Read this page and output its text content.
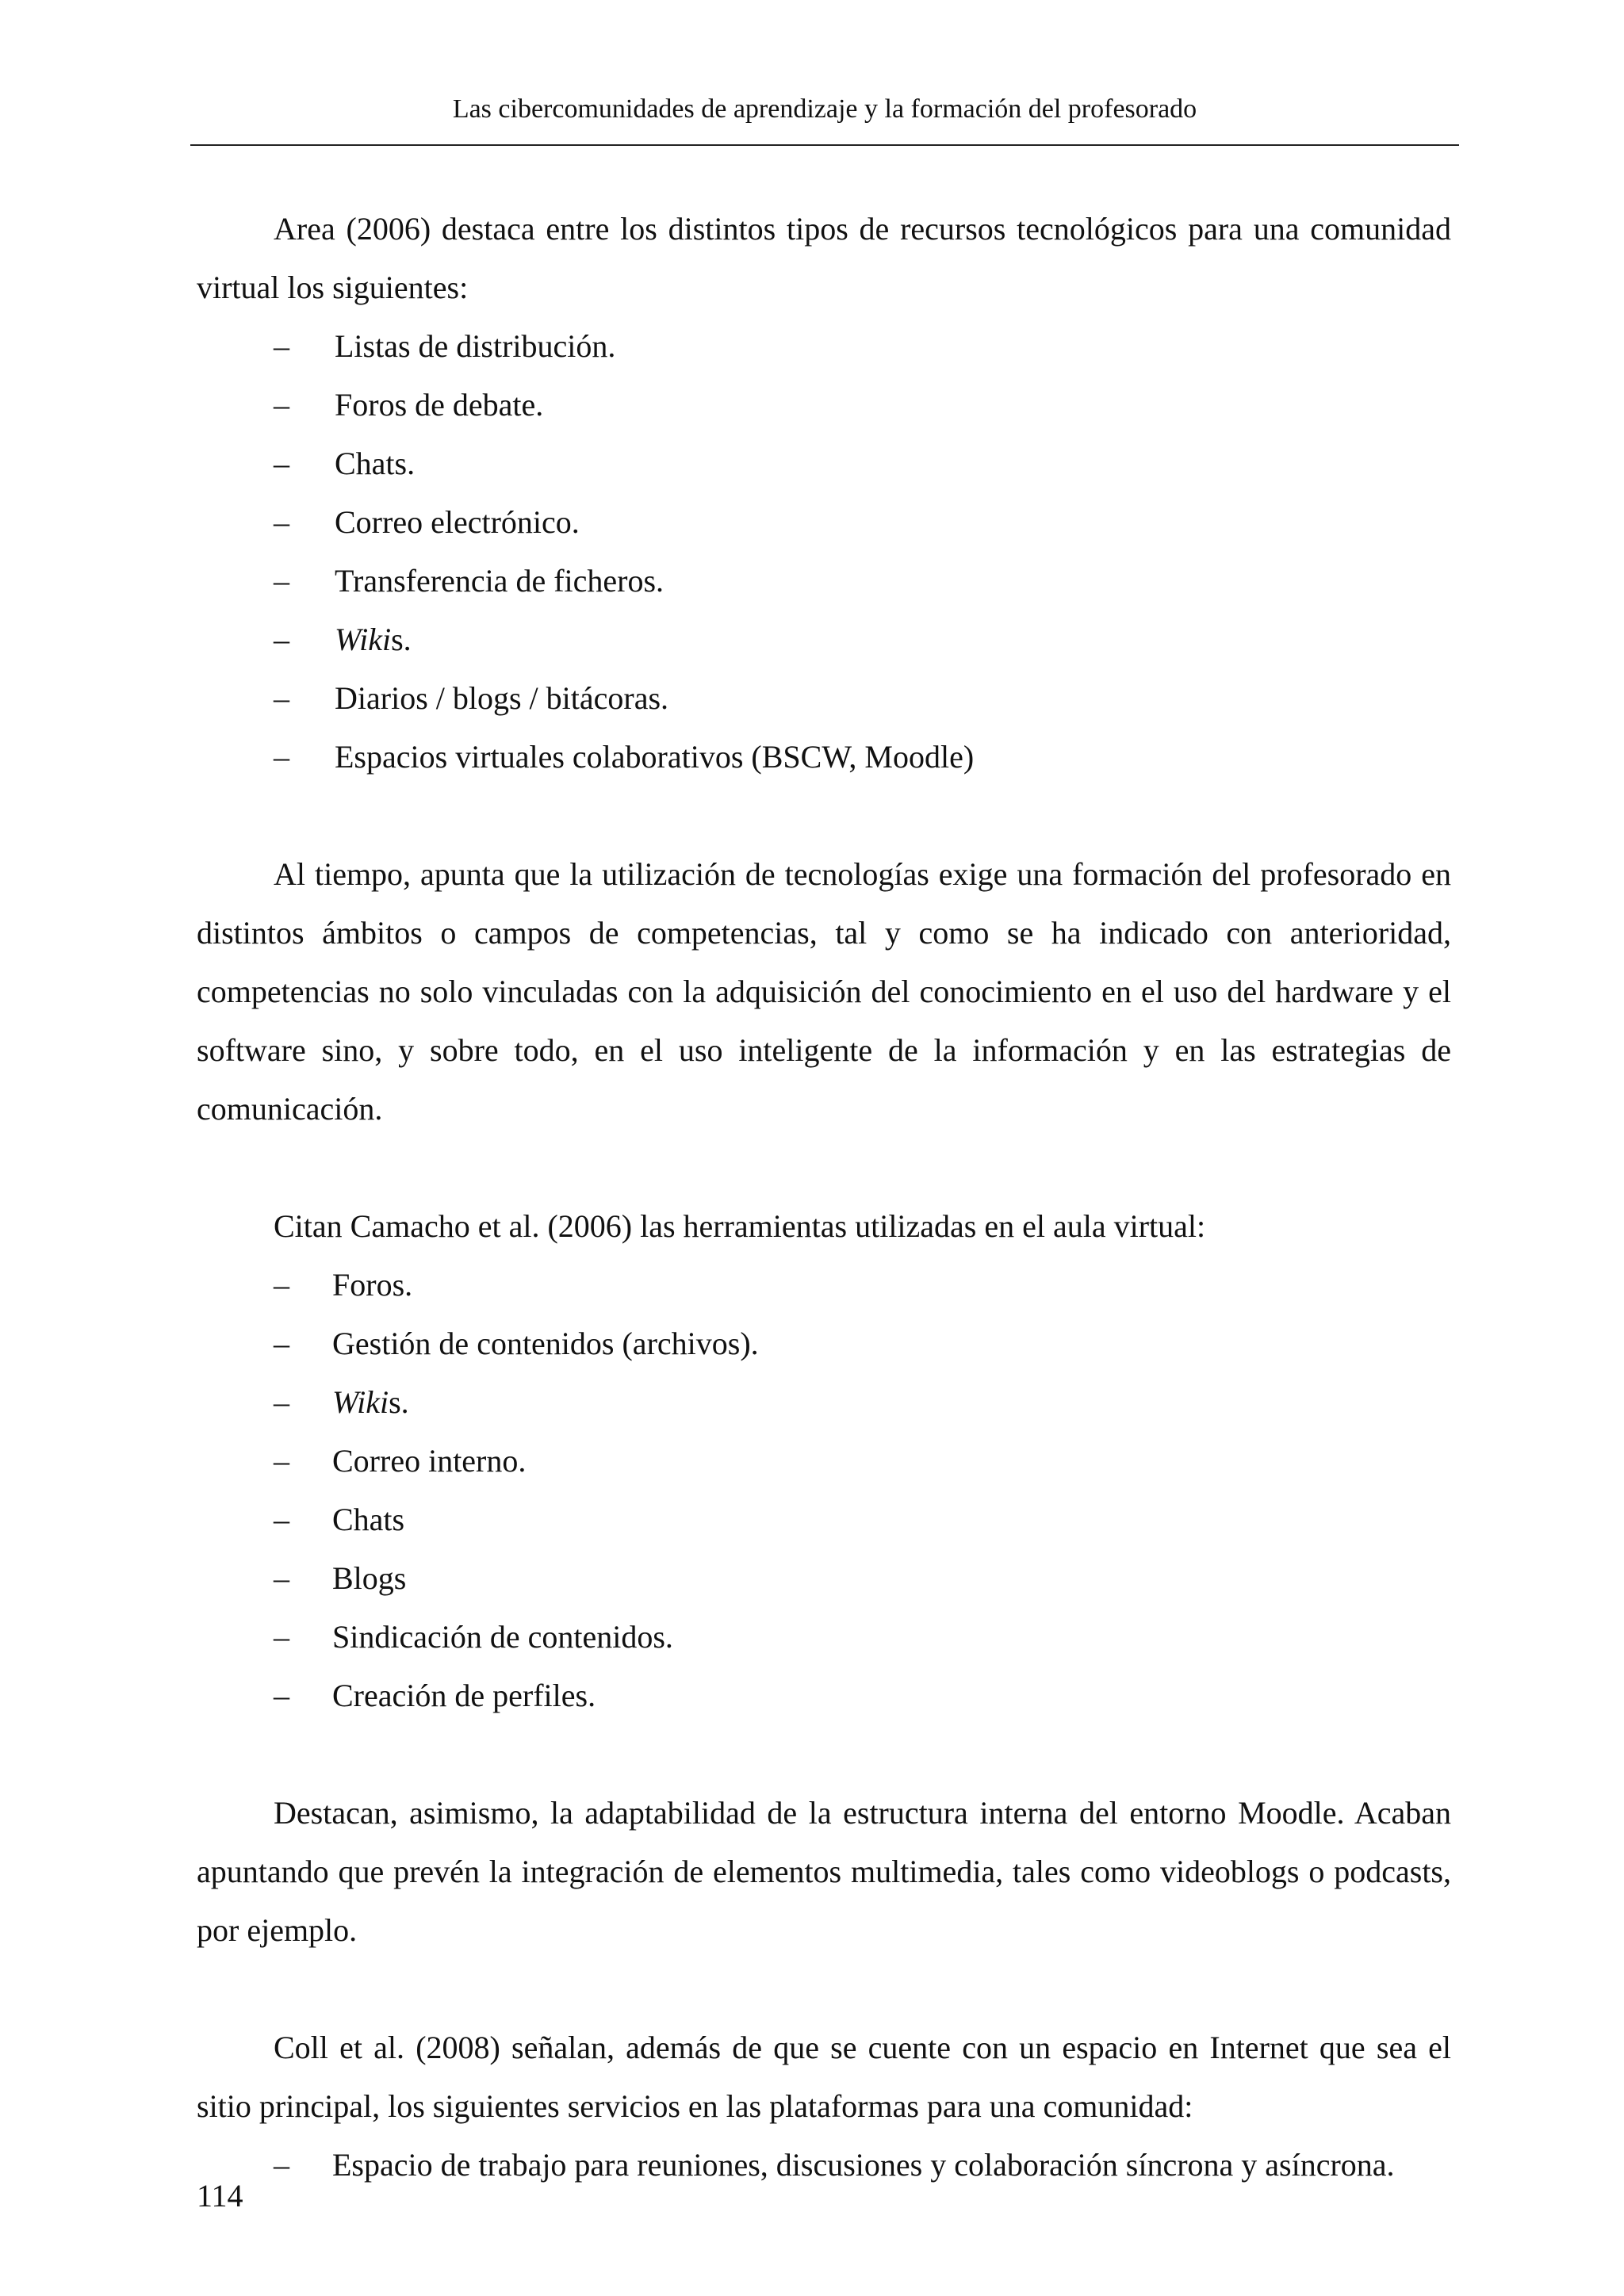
Las cibercomunidades de aprendizaje y la formación del profesorado

Area (2006) destaca entre los distintos tipos de recursos tecnológicos para una comunidad virtual los siguientes:

– Listas de distribución.
– Foros de debate.
– Chats.
– Correo electrónico.
– Transferencia de ficheros.
– Wikis.
– Diarios / blogs / bitácoras.
– Espacios virtuales colaborativos (BSCW, Moodle)

Al tiempo, apunta que la utilización de tecnologías exige una formación del profesorado en distintos ámbitos o campos de competencias, tal y como se ha indicado con anterioridad, competencias no solo vinculadas con la adquisición del conocimiento en el uso del hardware y el software sino, y sobre todo, en el uso inteligente de la información y en las estrategias de comunicación.

Citan Camacho et al. (2006) las herramientas utilizadas en el aula virtual:

– Foros.
– Gestión de contenidos (archivos).
– Wikis.
– Correo interno.
– Chats
– Blogs
– Sindicación de contenidos.
– Creación de perfiles.

Destacan, asimismo, la adaptabilidad de la estructura interna del entorno Moodle. Acaban apuntando que prevén la integración de elementos multimedia, tales como videoblogs o podcasts, por ejemplo.

Coll et al. (2008) señalan, además de que se cuente con un espacio en Internet que sea el sitio principal, los siguientes servicios en las plataformas para una comunidad:

– Espacio de trabajo para reuniones, discusiones y colaboración síncrona y asíncrona.
114
